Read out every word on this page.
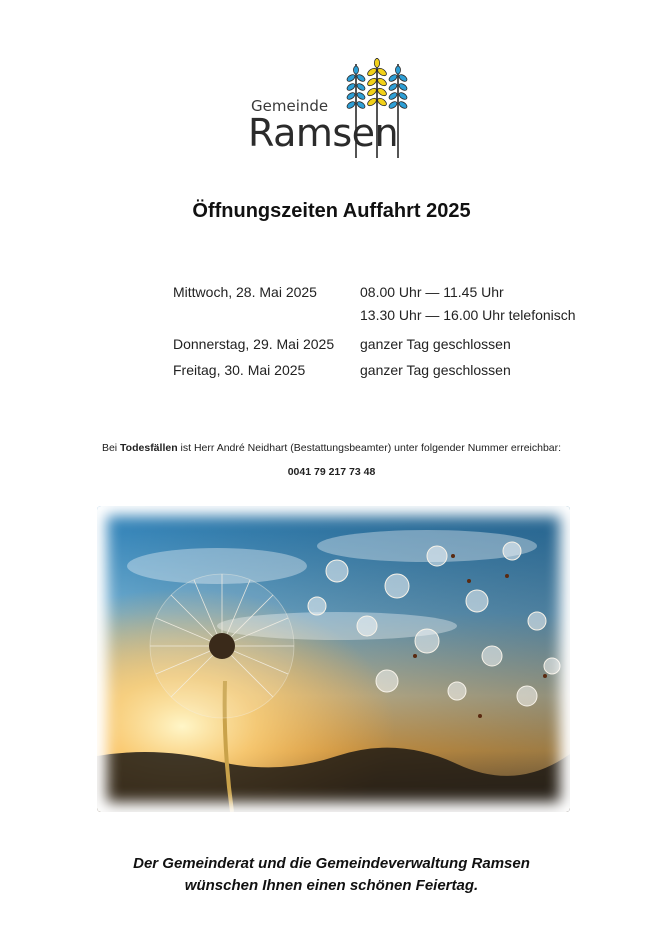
Gemeinde
Ramsen
Öffnungszeiten Auffahrt 2025
Mittwoch, 28. Mai 2025	08.00 Uhr — 11.45 Uhr
13.30 Uhr — 16.00 Uhr telefonisch
Donnerstag, 29. Mai 2025 ganzer Tag geschlossen
Freitag, 30. Mai 2025	ganzer Tag geschlossen
Bei Todesfällen ist Herr André Neidhart (Bestattungsbeamter) unter folgender Nummer erreichbar:
0041 79 217 73 48
Der Gemeinderat und die Gemeindeverwaltung Ramsen
wünschen Ihnen einen schönen Feiertag.
